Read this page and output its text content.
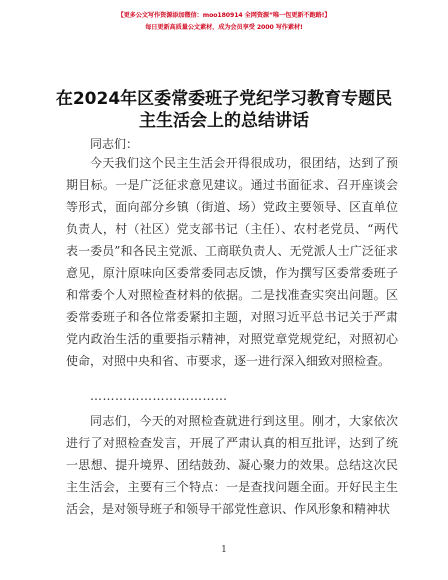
【更多公文写作资源添加微信：moo180914 全网资源”唯一包更新不跑路!】
每日更新高质量公文素材，成为会员享受 2000 写作素材!
在2024年区委常委班子党纪学习教育专题民主生活会上的总结讲话
同志们：
今天我们这个民主生活会开得很成功，很团结，达到了预期目标。一是广泛征求意见建议。通过书面征求、召开座谈会等形式，面向部分乡镇（街道、场）党政主要领导、区直单位负责人，村（社区）党支部书记（主任）、农村老党员、“两代表一委员”和各民主党派、工商联负责人、无党派人士广泛征求意见，原汁原味向区委常委同志反馈，作为撰写区委常委班子和常委个人对照检查材料的依据。二是找准查实突出问题。区委常委班子和各位常委紧扣主题，对照习近平总书记关于严肃党内政治生活的重要指示精神，对照党章党规党纪，对照初心使命，对照中央和省、市要求，逐一进行深入细致对照检查。
……………………………
同志们，今天的对照检查就进行到这里。刚才，大家依次进行了对照检查发言，开展了严肃认真的相互批评，达到了统一思想、提升境界、团结鼓劲、凝心聚力的效果。总结这次民主生活会，主要有三个特点：一是查找问题全面。开好民主生活会，是对领导班子和领导干部党性意识、作风形象和精神状
1
